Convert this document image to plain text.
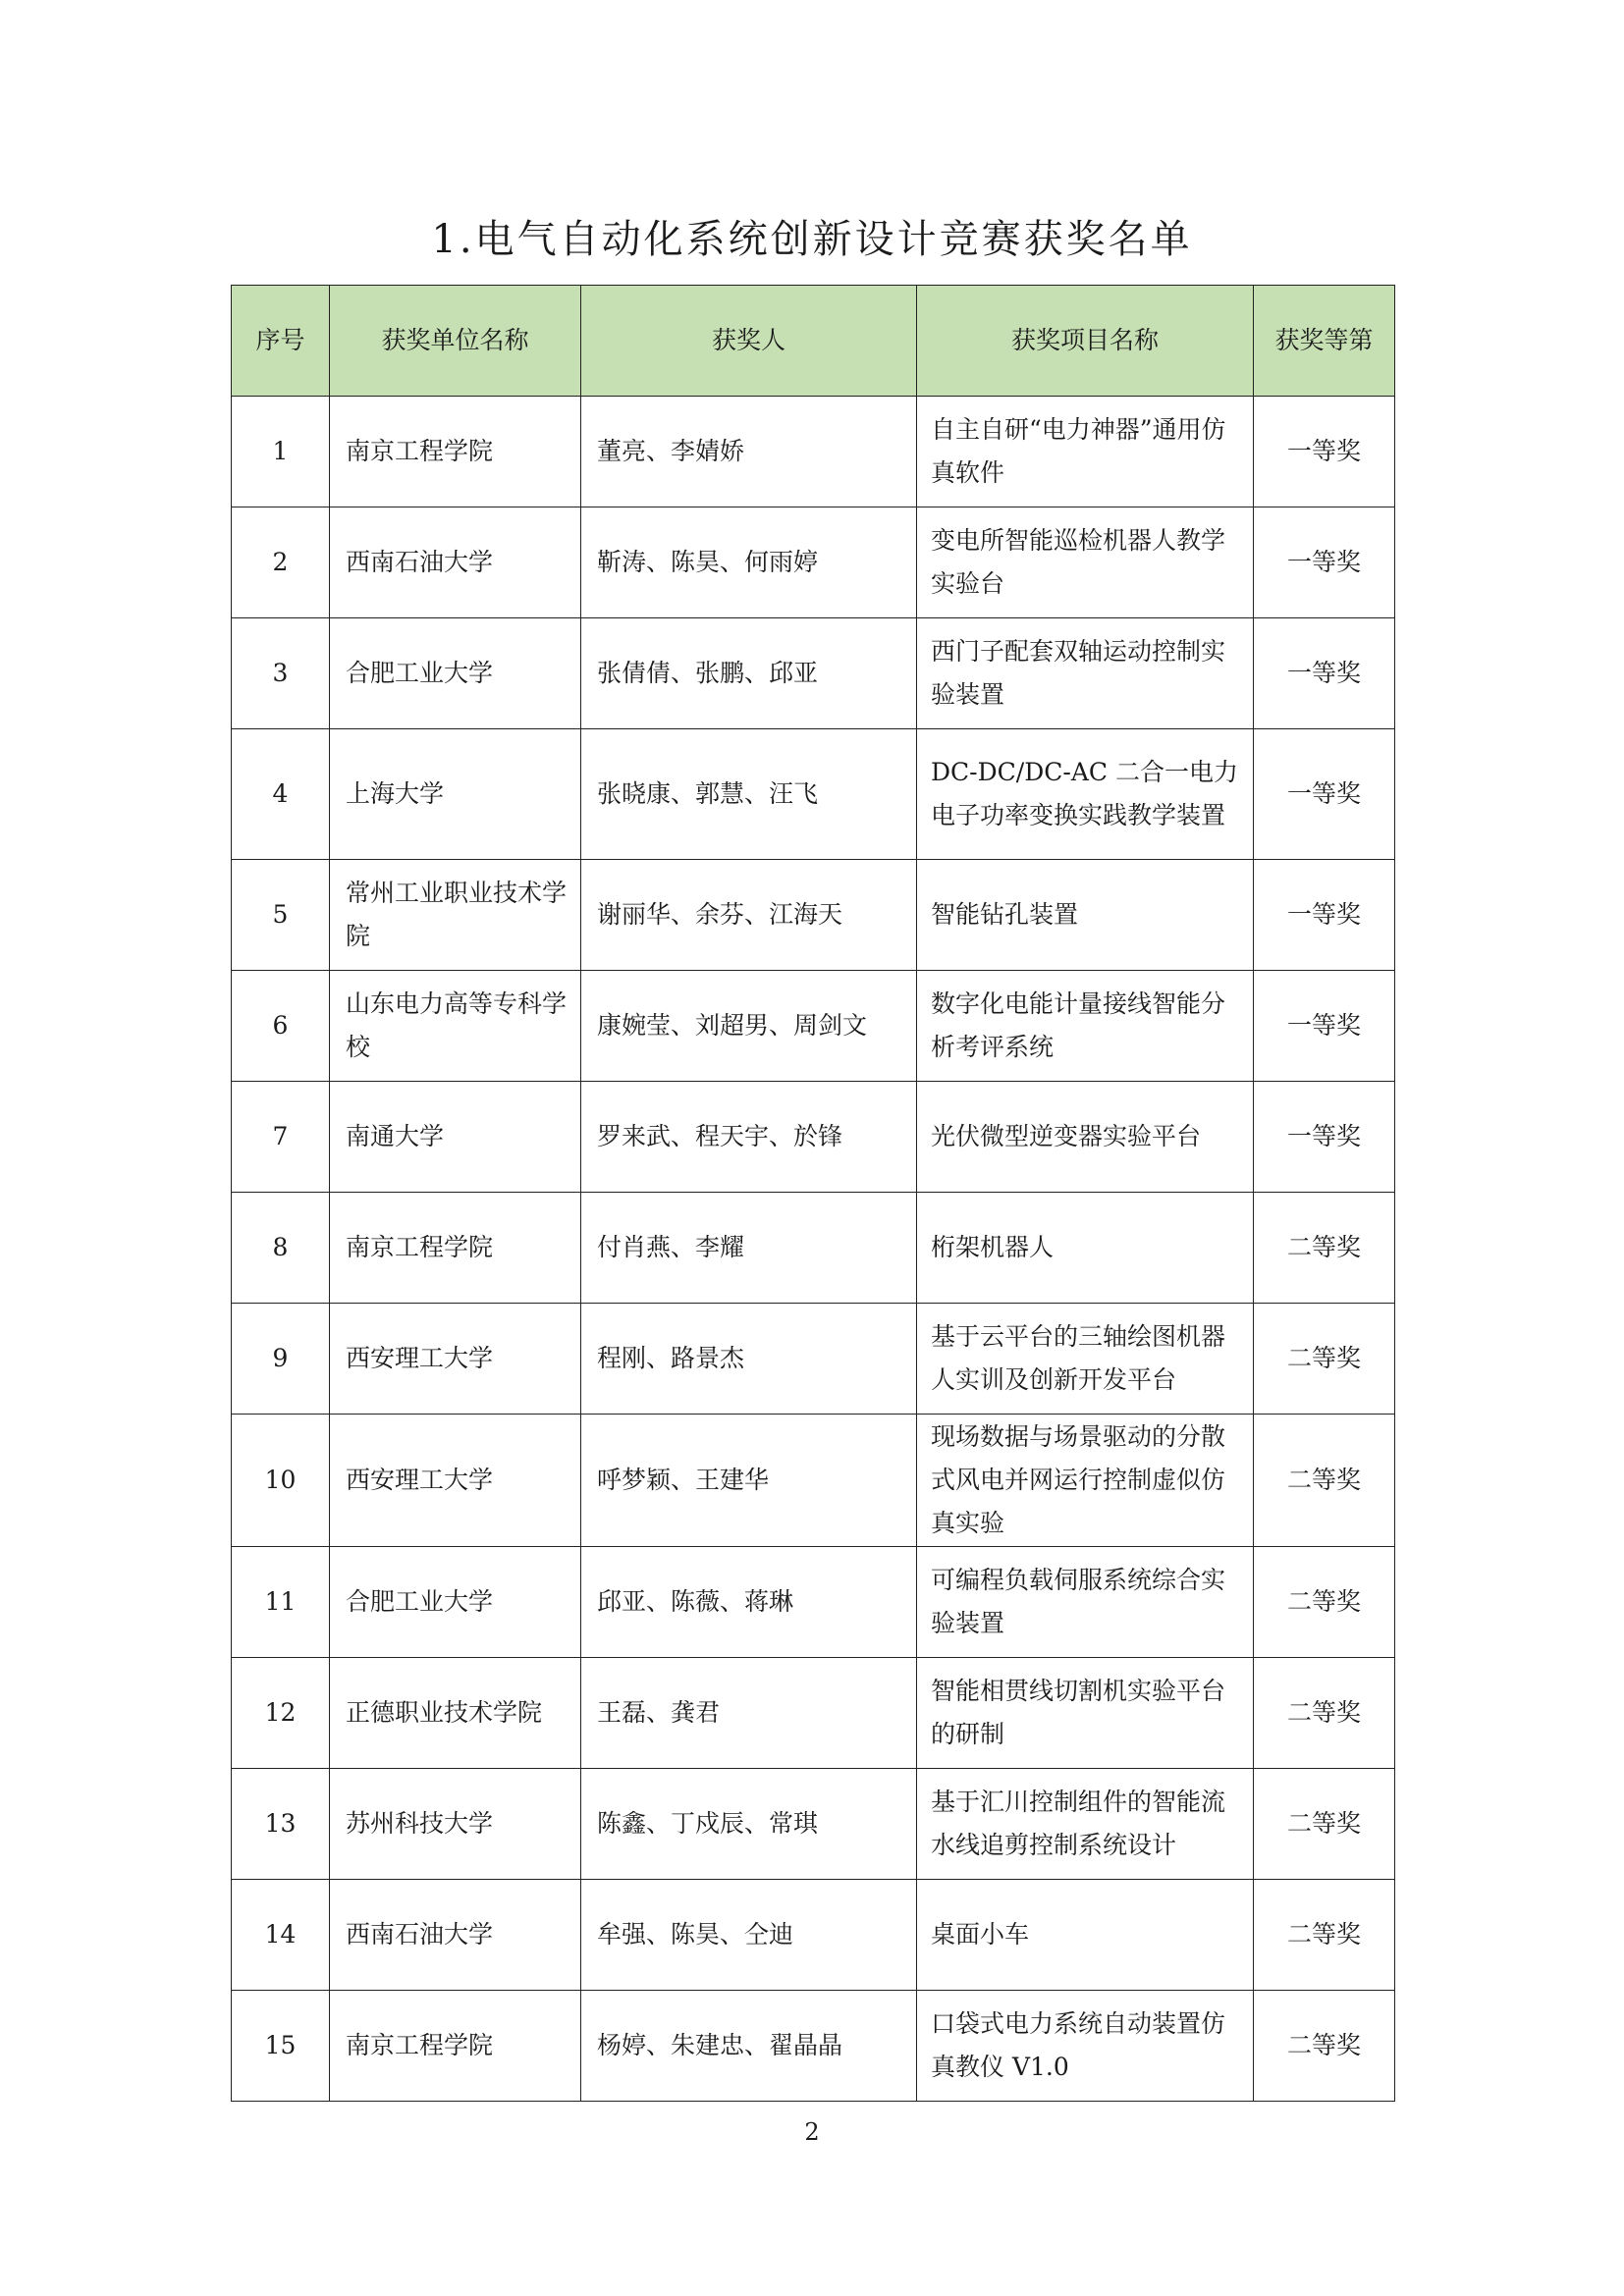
1.电气自动化系统创新设计竞赛获奖名单
序号	获奖单位名称	获奖人	获奖项目名称	获奖等第
1	南京工程学院	董亮、李婧娇	自主自研“电力神器”通用仿真软件	一等奖
2	西南石油大学	靳涛、陈昊、何雨婷	变电所智能巡检机器人教学实验台	一等奖
3	合肥工业大学	张倩倩、张鹏、邱亚	西门子配套双轴运动控制实验装置	一等奖
4	上海大学	张晓康、郭慧、汪飞	DC-DC/DC-AC 二合一电力电子功率变换实践教学装置	一等奖
5	常州工业职业技术学院	谢丽华、余芬、江海天	智能钻孔装置	一等奖
6	山东电力高等专科学校	康婉莹、刘超男、周剑文	数字化电能计量接线智能分析考评系统	一等奖
7	南通大学	罗来武、程天宇、於锋	光伏微型逆变器实验平台	一等奖
8	南京工程学院	付肖燕、李耀	桁架机器人	二等奖
9	西安理工大学	程刚、路景杰	基于云平台的三轴绘图机器人实训及创新开发平台	二等奖
10	西安理工大学	呼梦颖、王建华	现场数据与场景驱动的分散式风电并网运行控制虚似仿真实验	二等奖
11	合肥工业大学	邱亚、陈薇、蒋琳	可编程负载伺服系统综合实验装置	二等奖
12	正德职业技术学院	王磊、龚君	智能相贯线切割机实验平台的研制	二等奖
13	苏州科技大学	陈鑫、丁戍辰、常琪	基于汇川控制组件的智能流水线追剪控制系统设计	二等奖
14	西南石油大学	牟强、陈昊、仝迪	桌面小车	二等奖
15	南京工程学院	杨婷、朱建忠、翟晶晶	口袋式电力系统自动装置仿真教仪 V1.0	二等奖
2
